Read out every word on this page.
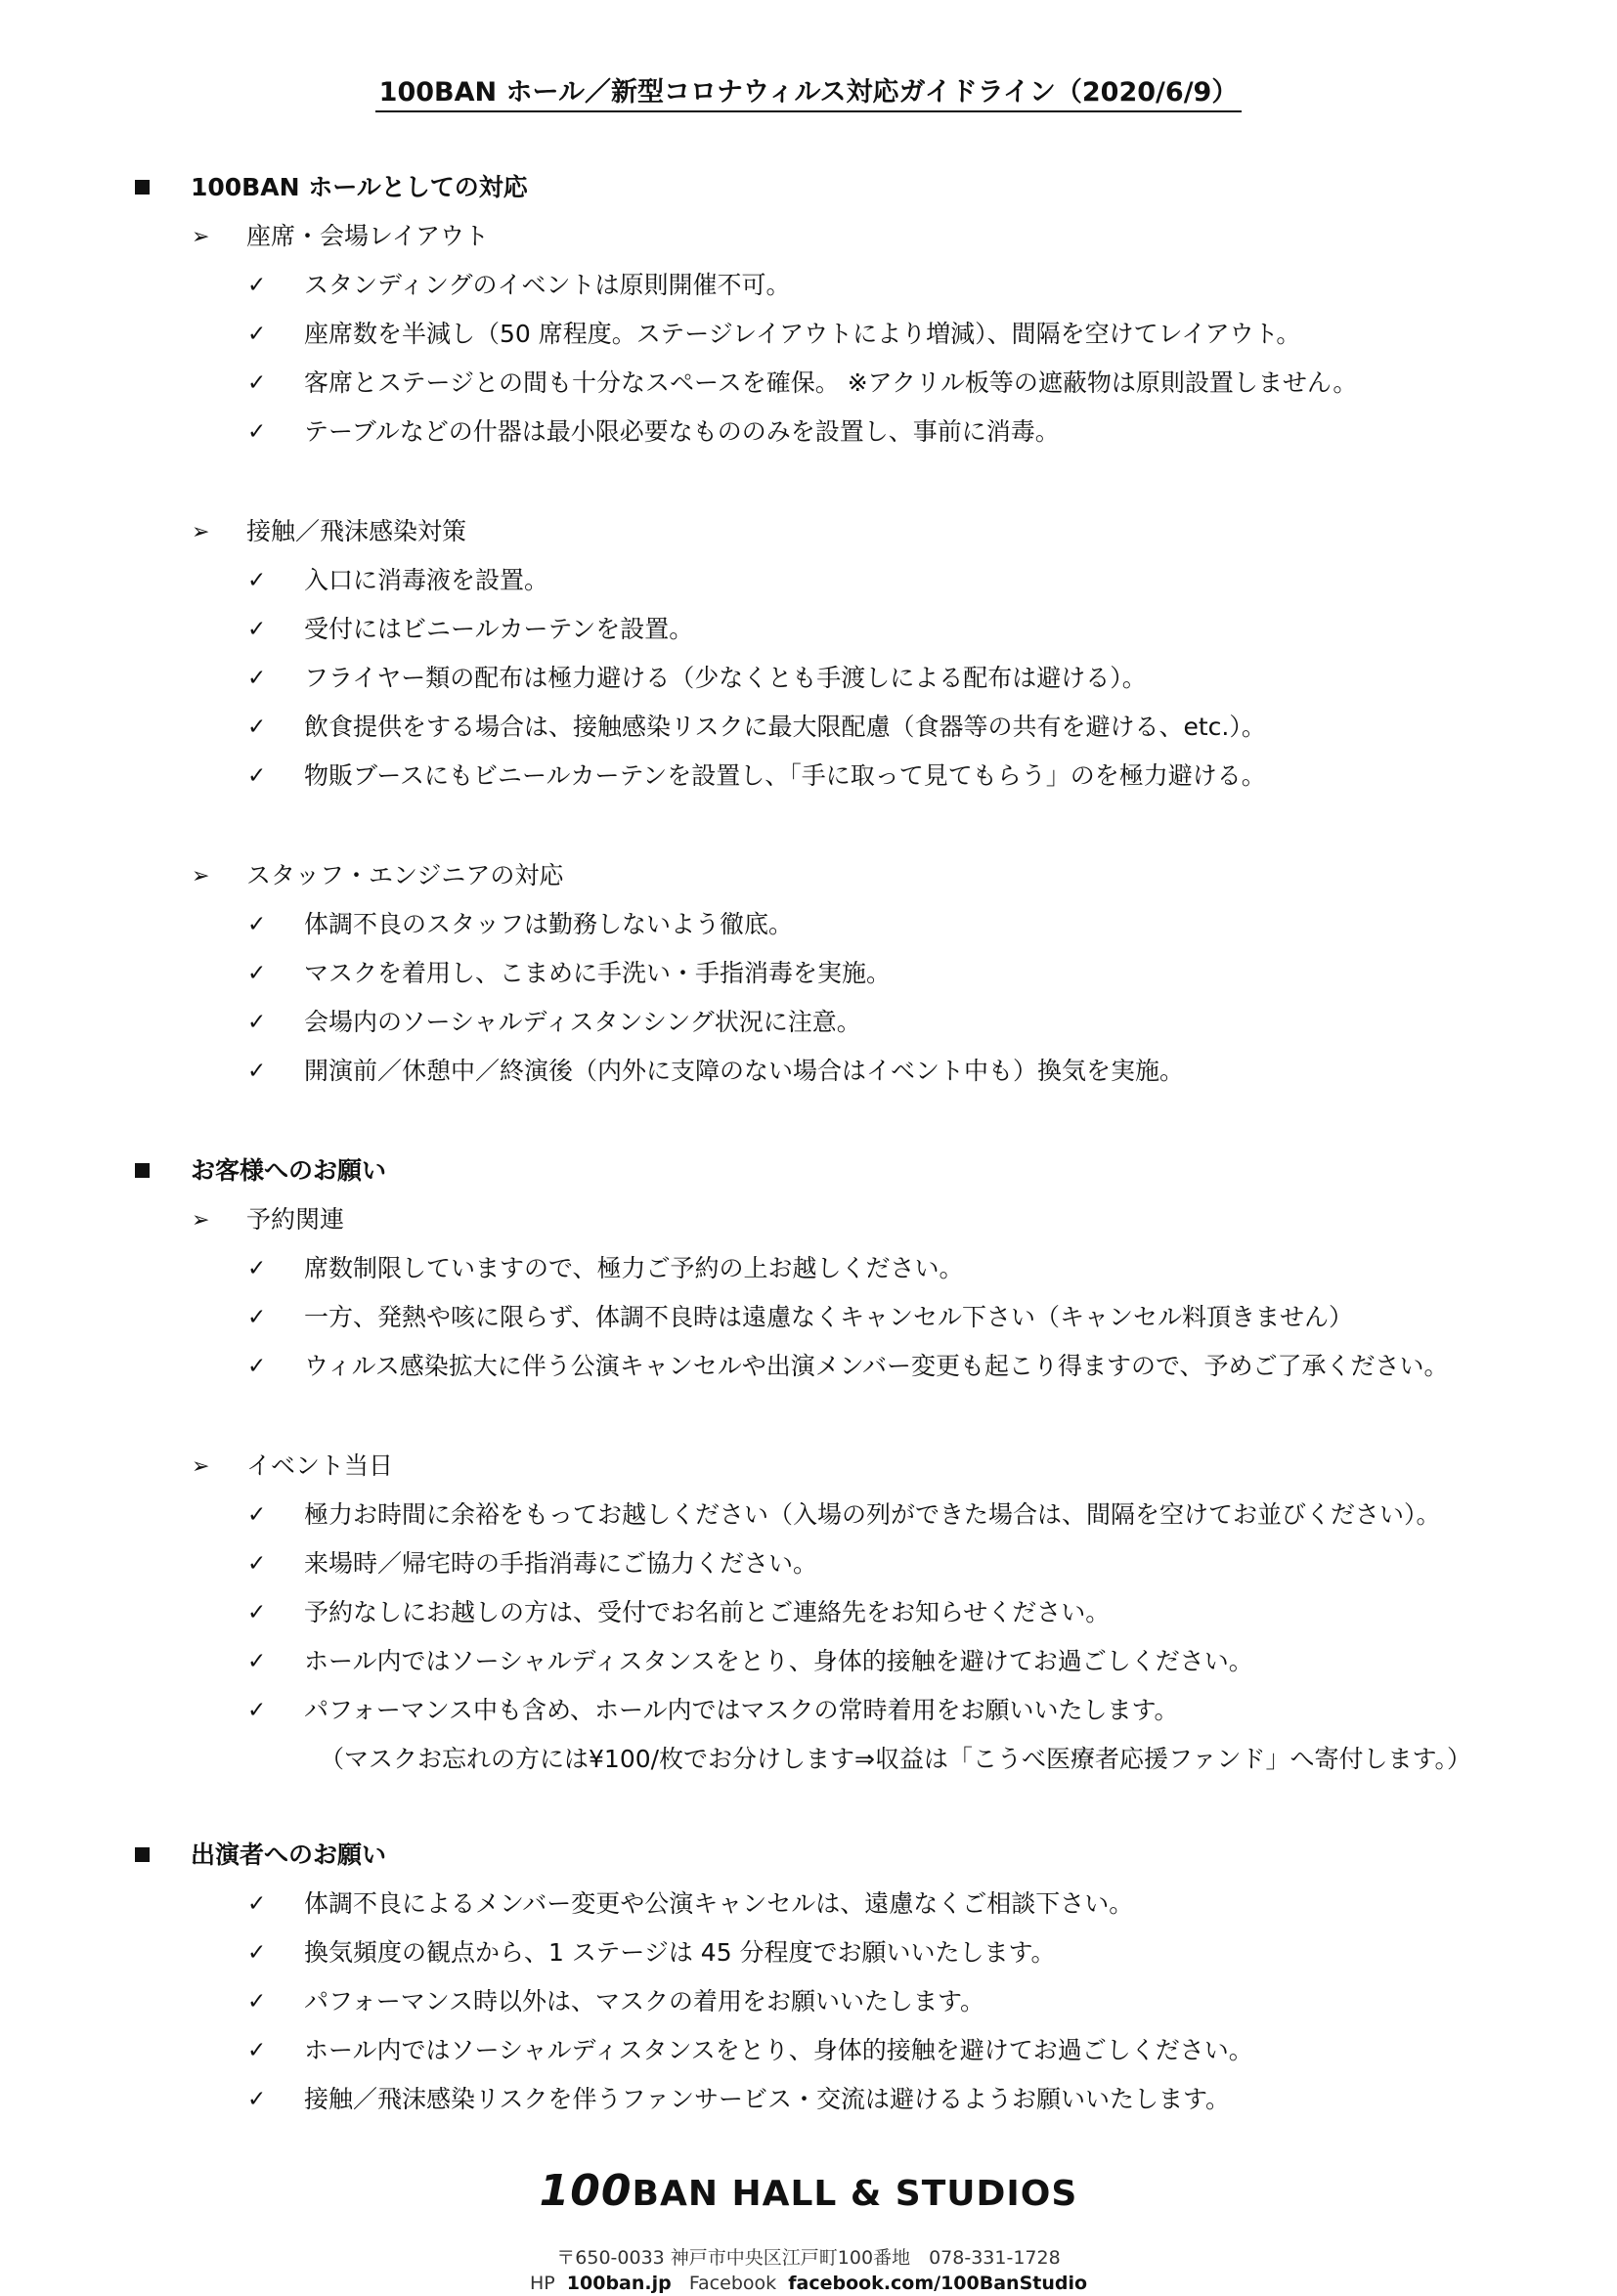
100BAN ホール／新型コロナウィルス対応ガイドライン（2020/6/9）
100BAN ホールとしての対応
➢ 座席・会場レイアウト
✓ スタンディングのイベントは原則開催不可。
✓ 座席数を半減し（50 席程度。ステージレイアウトにより増減）、間隔を空けてレイアウト。
✓ 客席とステージとの間も十分なスペースを確保。 ※アクリル板等の遮蔽物は原則設置しません。
✓ テーブルなどの什器は最小限必要なもののみを設置し、事前に消毒。
➢ 接触／飛沫感染対策
✓ 入口に消毒液を設置。
✓ 受付にはビニールカーテンを設置。
✓ フライヤー類の配布は極力避ける（少なくとも手渡しによる配布は避ける）。
✓ 飲食提供をする場合は、接触感染リスクに最大限配慮（食器等の共有を避ける、etc.）。
✓ 物販ブースにもビニールカーテンを設置し、「手に取って見てもらう」のを極力避ける。
➢ スタッフ・エンジニアの対応
✓ 体調不良のスタッフは勤務しないよう徹底。
✓ マスクを着用し、こまめに手洗い・手指消毒を実施。
✓ 会場内のソーシャルディスタンシング状況に注意。
✓ 開演前／休憩中／終演後（内外に支障のない場合はイベント中も）換気を実施。
お客様へのお願い
➢ 予約関連
✓ 席数制限していますので、極力ご予約の上お越しください。
✓ 一方、発熱や咳に限らず、体調不良時は遠慮なくキャンセル下さい（キャンセル料頂きません）
✓ ウィルス感染拡大に伴う公演キャンセルや出演メンバー変更も起こり得ますので、予めご了承ください。
➢ イベント当日
✓ 極力お時間に余裕をもってお越しください（入場の列ができた場合は、間隔を空けてお並びください）。
✓ 来場時／帰宅時の手指消毒にご協力ください。
✓ 予約なしにお越しの方は、受付でお名前とご連絡先をお知らせください。
✓ ホール内ではソーシャルディスタンスをとり、身体的接触を避けてお過ごしください。
✓ パフォーマンス中も含め、ホール内ではマスクの常時着用をお願いいたします。
（マスクお忘れの方には¥100/枚でお分けします⇒収益は「こうべ医療者応援ファンド」へ寄付します。）
出演者へのお願い
✓ 体調不良によるメンバー変更や公演キャンセルは、遠慮なくご相談下さい。
✓ 換気頻度の観点から、1 ステージは 45 分程度でお願いいたします。
✓ パフォーマンス時以外は、マスクの着用をお願いいたします。
✓ ホール内ではソーシャルディスタンスをとり、身体的接触を避けてお過ごしください。
✓ 接触／飛沫感染リスクを伴うファンサービス・交流は避けるようお願いいたします。
100BAN HALL & STUDIOS
〒650-0033 神戸市中央区江戸町100番地　078-331-1728
HP 100ban.jp Facebook facebook.com/100BanStudio
